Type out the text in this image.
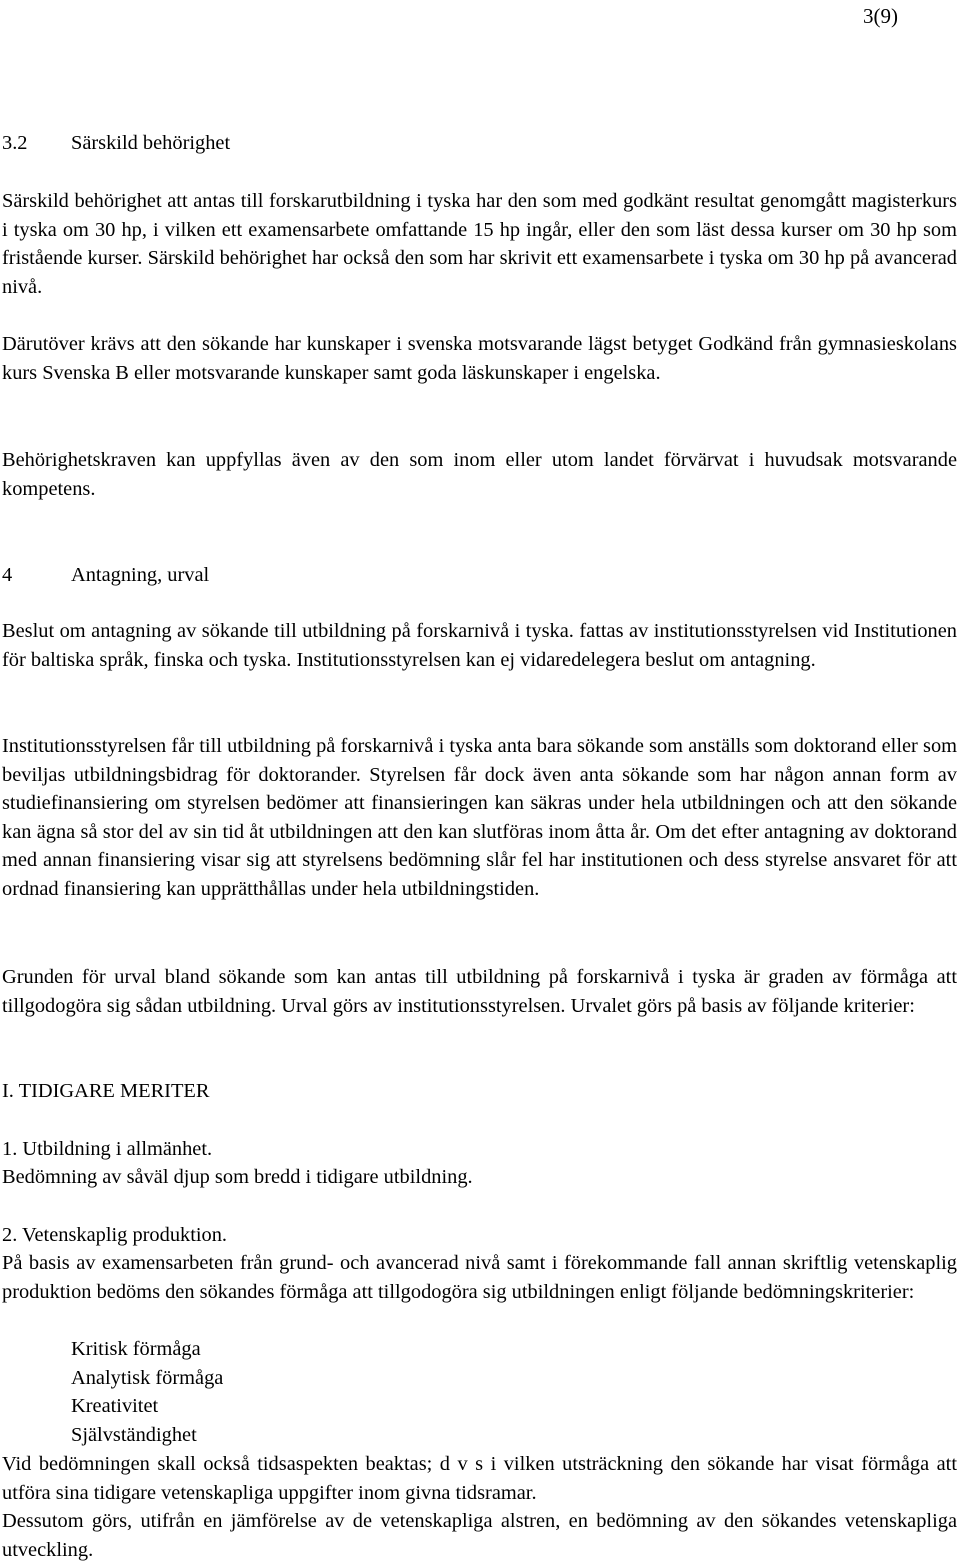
3(9)
3.2 Särskild behörighet

Särskild behörighet att antas till forskarutbildning i tyska har den som med godkänt resultat genomgått magisterkurs i tyska om 30 hp, i vilken ett examensarbete omfattande 15 hp ingår, eller den som läst dessa kurser om 30 hp som fristående kurser. Särskild behörighet har också den som har skrivit ett examensarbete i tyska om 30 hp på avancerad nivå.

Därutöver krävs att den sökande har kunskaper i svenska motsvarande lägst betyget Godkänd från gymnasieskolans kurs Svenska B eller motsvarande kunskaper samt goda läskunskaper i engelska.

Behörighetskraven kan uppfyllas även av den som inom eller utom landet förvärvat i huvudsak motsvarande kompetens.

4	Antagning, urval

Beslut om antagning av sökande till utbildning på forskarnivå i tyska. fattas av institutionsstyrelsen vid Institutionen för baltiska språk, finska och tyska. Institutionsstyrelsen kan ej vidaredelegera beslut om antagning.

Institutionsstyrelsen får till utbildning på forskarnivå i tyska anta bara sökande som anställs som doktorand eller som beviljas utbildningsbidrag för doktorander. Styrelsen får dock även anta sökande som har någon annan form av studiefinansiering om styrelsen bedömer att finansieringen kan säkras under hela utbildningen och att den sökande kan ägna så stor del av sin tid åt utbildningen att den kan slutföras inom åtta år. Om det efter antagning av doktorand med annan finansiering visar sig att styrelsens bedömning slår fel har institutionen och dess styrelse ansvaret för att ordnad finansiering kan upprätthållas under hela utbildningstiden.

Grunden för urval bland sökande som kan antas till utbildning på forskarnivå i tyska är graden av förmåga att tillgodogöra sig sådan utbildning. Urval görs av institutionsstyrelsen. Urvalet görs på basis av följande kriterier:

I. TIDIGARE MERITER
1. Utbildning i allmänhet.
Bedömning av såväl djup som bredd i tidigare utbildning.
2. Vetenskaplig produktion.

På basis av examensarbeten från grund- och avancerad nivå samt i förekommande fall annan skriftlig vetenskaplig produktion bedöms den sökandes förmåga att tillgodogöra sig utbildningen enligt följande bedömningskriterier:

Kritisk förmåga
Analytisk förmåga
Kreativitet
Självständighet

Vid bedömningen skall också tidsaspekten beaktas; d v s i vilken utsträckning den sökande har visat förmåga att utföra sina tidigare vetenskapliga uppgifter inom givna tidsramar.

Dessutom görs, utifrån en jämförelse av de vetenskapliga alstren, en bedömning av den sökandes vetenskapliga utveckling.
